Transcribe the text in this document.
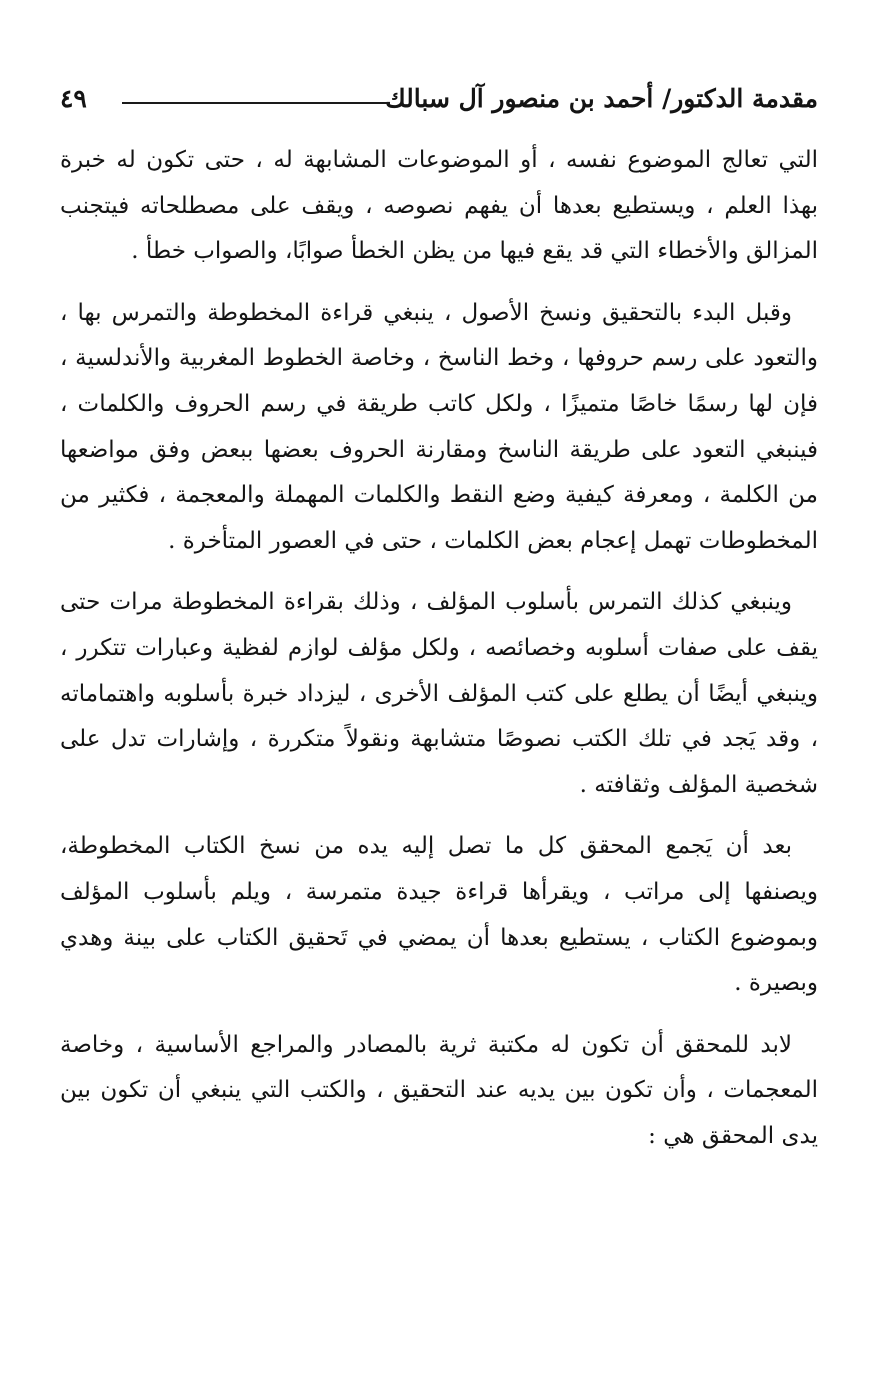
مقدمة الدكتور/ أحمد بن منصور آل سبالك
٤٩

التي تعالج الموضوع نفسه ، أو الموضوعات المشابهة له ، حتى تكون له خبرة بهذا العلم ، ويستطيع بعدها أن يفهم نصوصه ، ويقف على مصطلحاته فيتجنب المزالق والأخطاء التي قد يقع فيها من يظن الخطأ صوابًا، والصواب خطأ .

وقبل البدء بالتحقيق ونسخ الأصول ، ينبغي قراءة المخطوطة والتمرس بها ، والتعود على رسم حروفها ، وخط الناسخ ، وخاصة الخطوط المغربية والأندلسية ، فإن لها رسمًا خاصًا متميزًا ، ولكل كاتب طريقة في رسم الحروف والكلمات ، فينبغي التعود على طريقة الناسخ ومقارنة الحروف بعضها ببعض وفق مواضعها من الكلمة ، ومعرفة كيفية وضع النقط والكلمات المهملة والمعجمة ، فكثير من المخطوطات تهمل إعجام بعض الكلمات ، حتى في العصور المتأخرة .

وينبغي كذلك التمرس بأسلوب المؤلف ، وذلك بقراءة المخطوطة مرات حتى يقف على صفات أسلوبه وخصائصه ، ولكل مؤلف لوازم لفظية وعبارات تتكرر ، وينبغي أيضًا أن يطلع على كتب المؤلف الأخرى ، ليزداد خبرة بأسلوبه واهتماماته ، وقد يَجد في تلك الكتب نصوصًا متشابهة ونقولاً متكررة ، وإشارات تدل على شخصية المؤلف وثقافته .

بعد أن يَجمع المحقق كل ما تصل إليه يده من نسخ الكتاب المخطوطة، ويصنفها إلى مراتب ، ويقرأها قراءة جيدة متمرسة ، ويلم بأسلوب المؤلف وبموضوع الكتاب ، يستطيع بعدها أن يمضي في تَحقيق الكتاب على بينة وهدي وبصيرة .

لابد للمحقق أن تكون له مكتبة ثرية بالمصادر والمراجع الأساسية ، وخاصة المعجمات ، وأن تكون بين يديه عند التحقيق ، والكتب التي ينبغي أن تكون بين يدى المحقق هي :
